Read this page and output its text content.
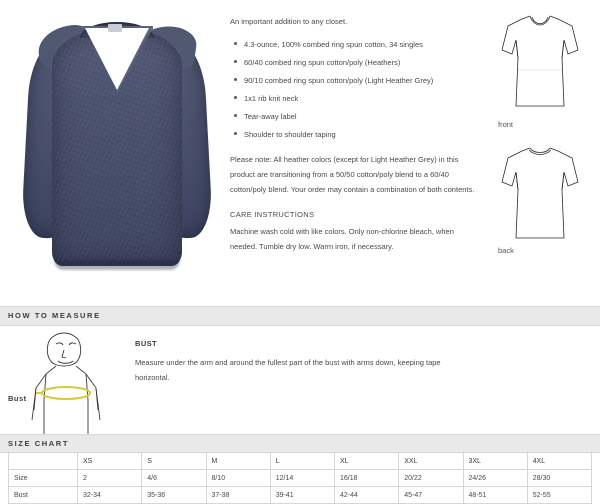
An important addition to any closet.

4.3-ounce, 100% combed ring spun cotton, 34 singles
60/40 combed ring spun cotton/poly (Heathers)
90/10 combed ring spun cotton/poly (Light Heather Grey)
1x1 rib knit neck
Tear-away label
Shoulder to shoulder taping

Please note: All heather colors (except for Light Heather Grey) in this product are transitioning from a 50/50 cotton/poly blend to a 60/40 cotton/poly blend. Your order may contain a combination of both contents.

CARE INSTRUCTIONS

Machine wash cold with like colors. Only non-chlorine bleach, when needed. Tumble dry low. Warm iron, if necessary.

front
back
HOW TO MEASURE
Bust

BUST

Measure under the arm and around the fullest part of the bust with arms down, keeping tape horizontal.

SIZE CHART
	XS	S	M	L	XL	XXL	3XL	4XL
Size	2	4/6	8/10	12/14	16/18	20/22	24/26	28/30
Bust	32-34	35-36	37-38	39-41	42-44	45-47	48-51	52-55
